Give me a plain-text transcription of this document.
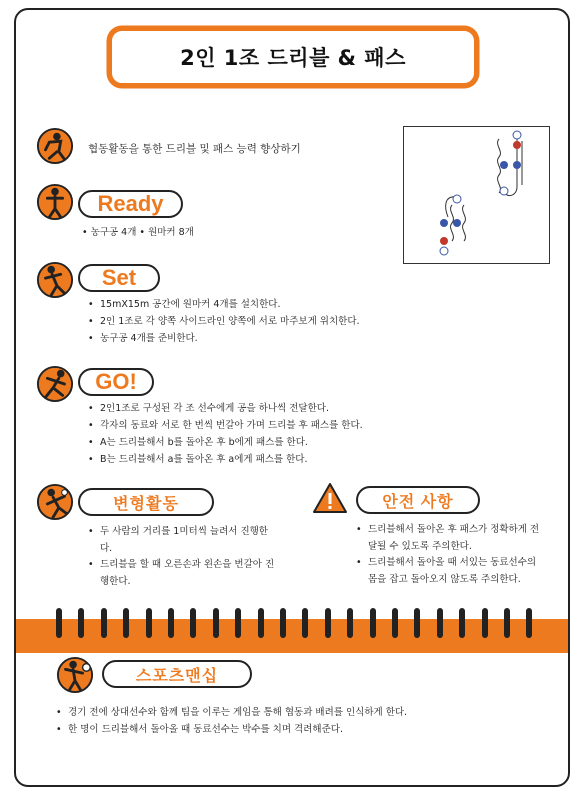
2인 1조 드리블 & 패스
협동활동을 통한 드리블 및 패스 능력 향상하기
Ready
• 농구공 4개 • 원마커 8개
Set
• 15mX15m 공간에 원마커 4개를 설치한다.
• 2인 1조로 각 양쪽 사이드라인 양쪽에 서로 마주보게 위치한다.
• 농구공 4개를 준비한다.
GO!
• 2인1조로 구성된 각 조 선수에게 공을 하나씩 전달한다.
• 각자의 동료와 서로 한 번씩 번갈아 가며 드리블 후 패스를 한다.
• A는 드리블해서 b를 돌아온 후 b에게 패스를 한다.
• B는 드리블해서 a를 돌아온 후 a에게 패스를 한다.
변형활동
• 두 사람의 거리를 1미터씩 늘려서 진행한다.
• 드리블을 할 때 오른손과 왼손을 번갈아 진행한다.
안전 사항
• 드리블해서 돌아온 후 패스가 정확하게 전달될 수 있도록 주의한다.
• 드리블해서 돌아올 때 서있는 동료선수의 몸을 잡고 돌아오지 않도록 주의한다.
스포츠맨십
• 경기 전에 상대선수와 함께 팀을 이루는 게임을 통해 협동과 배려를 인식하게 한다.
• 한 명이 드리블해서 돌아올 때 동료선수는 박수를 치며 격려해준다.
